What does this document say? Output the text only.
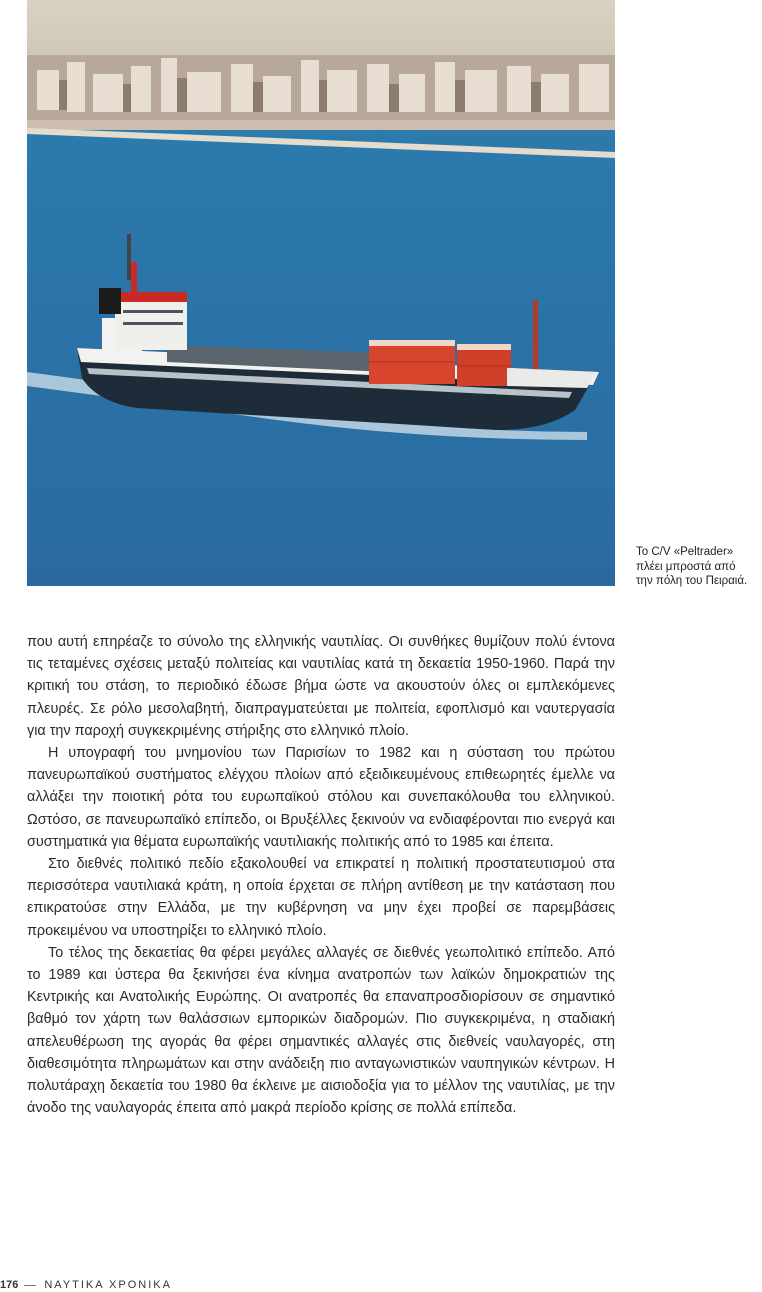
PELTRADER
Το C/V «Peltrader»
πλέει μπροστά από
την πόλη του Πειραιά.

που αυτή επηρέαζε το σύνολο της ελληνικής ναυτιλίας. Οι συνθήκες θυμίζουν πολύ έντονα τις τεταμένες σχέσεις μεταξύ πολιτείας και ναυτιλίας κατά τη δεκαετία 1950-1960. Παρά την κριτική του στάση, το περιοδικό έδωσε βήμα ώστε να ακουστούν όλες οι εμπλεκόμενες πλευρές. Σε ρόλο μεσολαβητή, διαπραγματεύεται με πολιτεία, εφοπλισμό και ναυτεργασία για την παροχή συγκεκριμένης στήριξης στο ελληνικό πλοίο.

Η υπογραφή του μνημονίου των Παρισίων το 1982 και η σύσταση του πρώτου πανευρωπαϊκού συστήματος ελέγχου πλοίων από εξειδικευμένους επιθεωρητές έμελλε να αλλάξει την ποιοτική ρότα του ευρωπαϊκού στόλου και συνεπακόλουθα του ελληνικού. Ωστόσο, σε πανευρωπαϊκό επίπεδο, οι Βρυξέλλες ξεκινούν να ενδιαφέρονται πιο ενεργά και συστηματικά για θέματα ευρωπαϊκής ναυτιλιακής πολιτικής από το 1985 και έπειτα.

Στο διεθνές πολιτικό πεδίο εξακολουθεί να επικρατεί η πολιτική προστατευτισμού στα περισσότερα ναυτιλιακά κράτη, η οποία έρχεται σε πλήρη αντίθεση με την κατάσταση που επικρατούσε στην Ελλάδα, με την κυβέρνηση να μην έχει προβεί σε παρεμβάσεις προκειμένου να υποστηρίξει το ελληνικό πλοίο.

Το τέλος της δεκαετίας θα φέρει μεγάλες αλλαγές σε διεθνές γεωπολιτικό επίπεδο. Από το 1989 και ύστερα θα ξεκινήσει ένα κίνημα ανατροπών των λαϊκών δημοκρατιών της Κεντρικής και Ανατολικής Ευρώπης. Οι ανατροπές θα επαναπροσδιορίσουν σε σημαντικό βαθμό τον χάρτη των θαλάσσιων εμπορικών διαδρομών. Πιο συγκεκριμένα, η σταδιακή απελευθέρωση της αγοράς θα φέρει σημαντικές αλλαγές στις διεθνείς ναυλαγορές, στη διαθεσιμότητα πληρωμάτων και στην ανάδειξη πιο ανταγωνιστικών ναυπηγικών κέντρων. Η πολυτάραχη δεκαετία του 1980 θα έκλεινε με αισιοδοξία για το μέλλον της ναυτιλίας, με την άνοδο της ναυλαγοράς έπειτα από μακρά περίοδο κρίσης σε πολλά επίπεδα.

176 ΝΑΥΤΙΚΑ ΧΡΟΝΙΚΑ
